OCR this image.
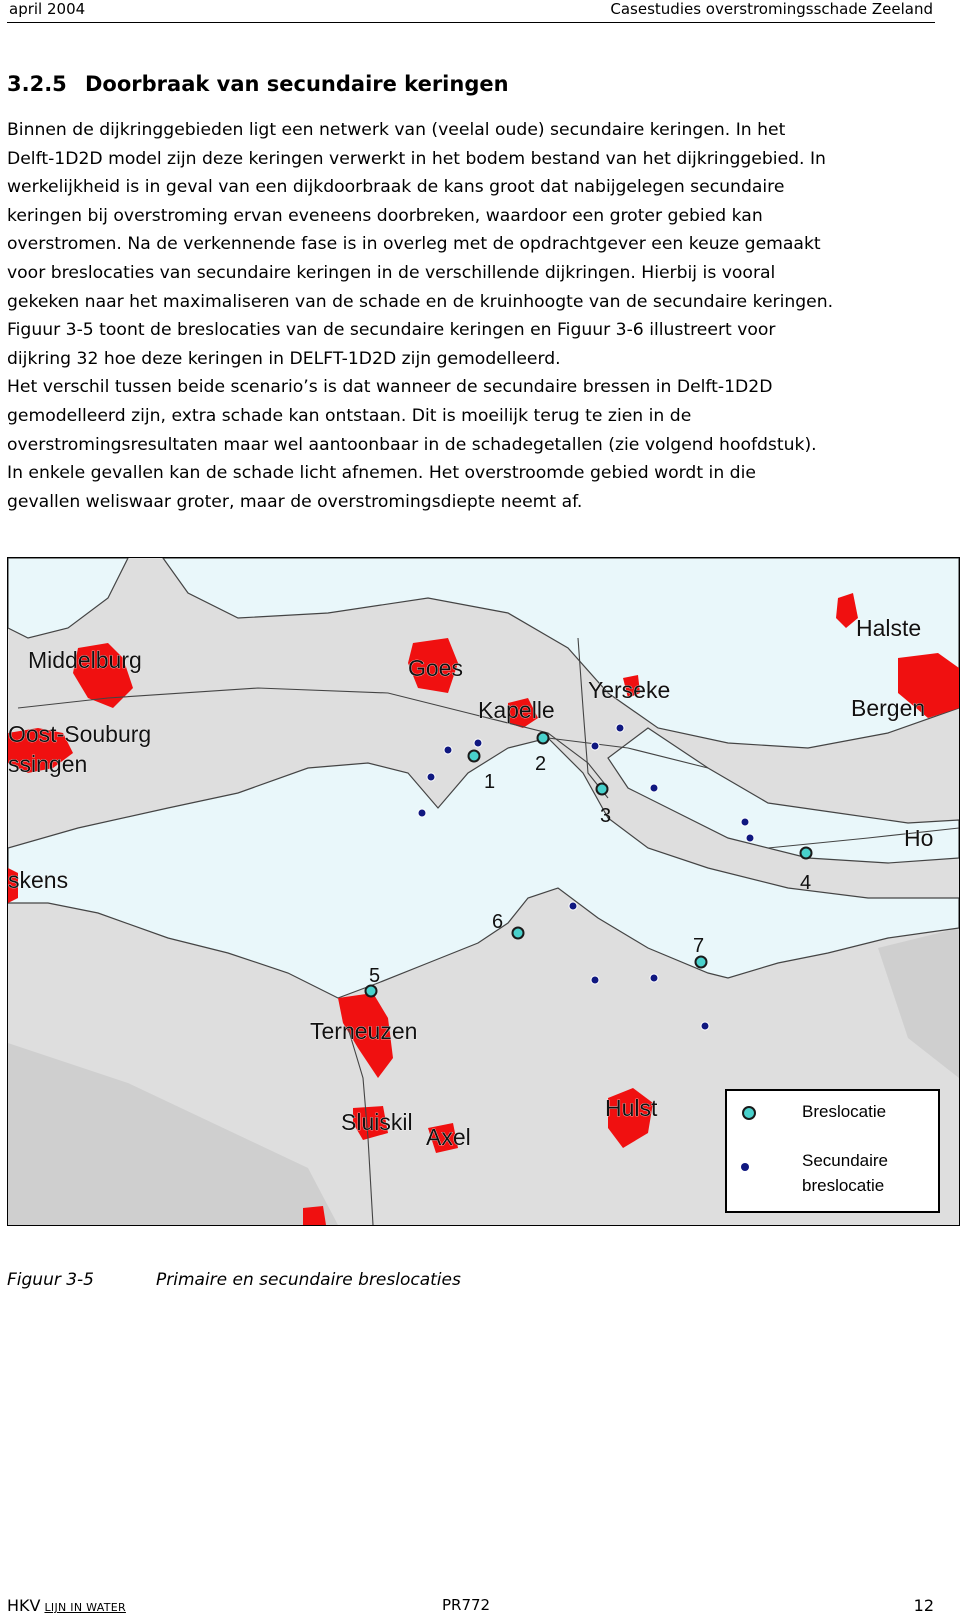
april 2004	Casestudies overstromingsschade Zeeland
3.2.5 Doorbraak van secundaire keringen
Binnen de dijkringgebieden ligt een netwerk van (veelal oude) secundaire keringen. In het
Delft-1D2D model zijn deze keringen verwerkt in het bodem bestand van het dijkringgebied. In
werkelijkheid is in geval van een dijkdoorbraak de kans groot dat nabijgelegen secundaire
keringen bij overstroming ervan eveneens doorbreken, waardoor een groter gebied kan
overstromen. Na de verkennende fase is in overleg met de opdrachtgever een keuze gemaakt
voor breslocaties van secundaire keringen in de verschillende dijkringen. Hierbij is vooral
gekeken naar het maximaliseren van de schade en de kruinhoogte van de secundaire keringen.
Figuur 3-5 toont de breslocaties van de secundaire keringen en Figuur 3-6 illustreert voor
dijkring 32 hoe deze keringen in DELFT-1D2D zijn gemodelleerd.
Het verschil tussen beide scenario’s is dat wanneer de secundaire bressen in Delft-1D2D
gemodelleerd zijn, extra schade kan ontstaan. Dit is moeilijk terug te zien in de
overstromingsresultaten maar wel aantoonbaar in de schadegetallen (zie volgend hoofdstuk).
In enkele gevallen kan de schade licht afnemen. Het overstroomde gebied wordt in die
gevallen weliswaar groter, maar de overstromingsdiepte neemt af.
Middelburg	Goes
Kapelle
Yerseke
Halste
Bergen
Oost-Souburg
ssingen
Ho
skens
Terneuzen
Sluiskil
Axel
Hulst
1
2
3
4
5
6
7
Breslocatie
Secundaire
breslocatie
Figuur 3-5	Primaire en secundaire breslocaties
HKV LIJN IN WATER	PR772	12
